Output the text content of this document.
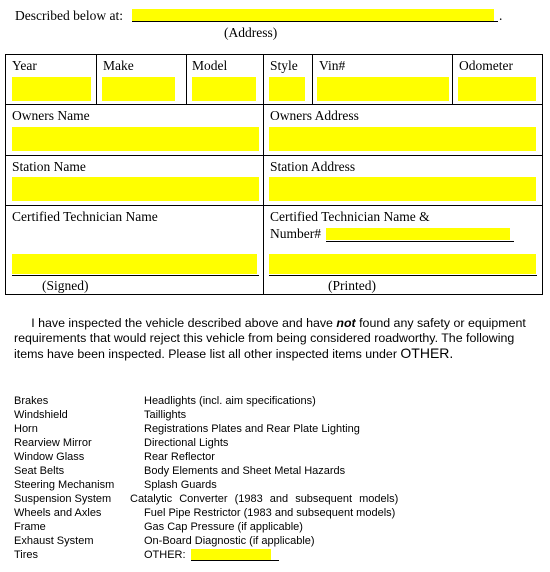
Described below at:	.
(Address)
Year	Make	Model	Style Vin#	Odometer
Owners Name	Owners Address
Station Name	Station Address
Certified Technician Name	Certified Technician Name &
Number#
(Signed)	(Printed)
I have inspected the vehicle described above and have not found any safety or equipment requirements that would reject this vehicle from being considered roadworthy. The following items have been inspected. Please list all other inspected items under OTHER.
Brakes
Windshield
Horn
Rearview Mirror
Window Glass
Seat Belts
Steering Mechanism
Suspension System
Wheels and Axles
Frame
Exhaust System
Tires
Headlights (incl. aim specifications)
Taillights
Registrations Plates and Rear Plate Lighting
Directional Lights
Rear Reflector
Body Elements and Sheet Metal Hazards
Splash Guards
Catalytic Converter (1983 and subsequent models)
Fuel Pipe Restrictor (1983 and subsequent models)
Gas Cap Pressure (if applicable)
On-Board Diagnostic (if applicable)
OTHER:
